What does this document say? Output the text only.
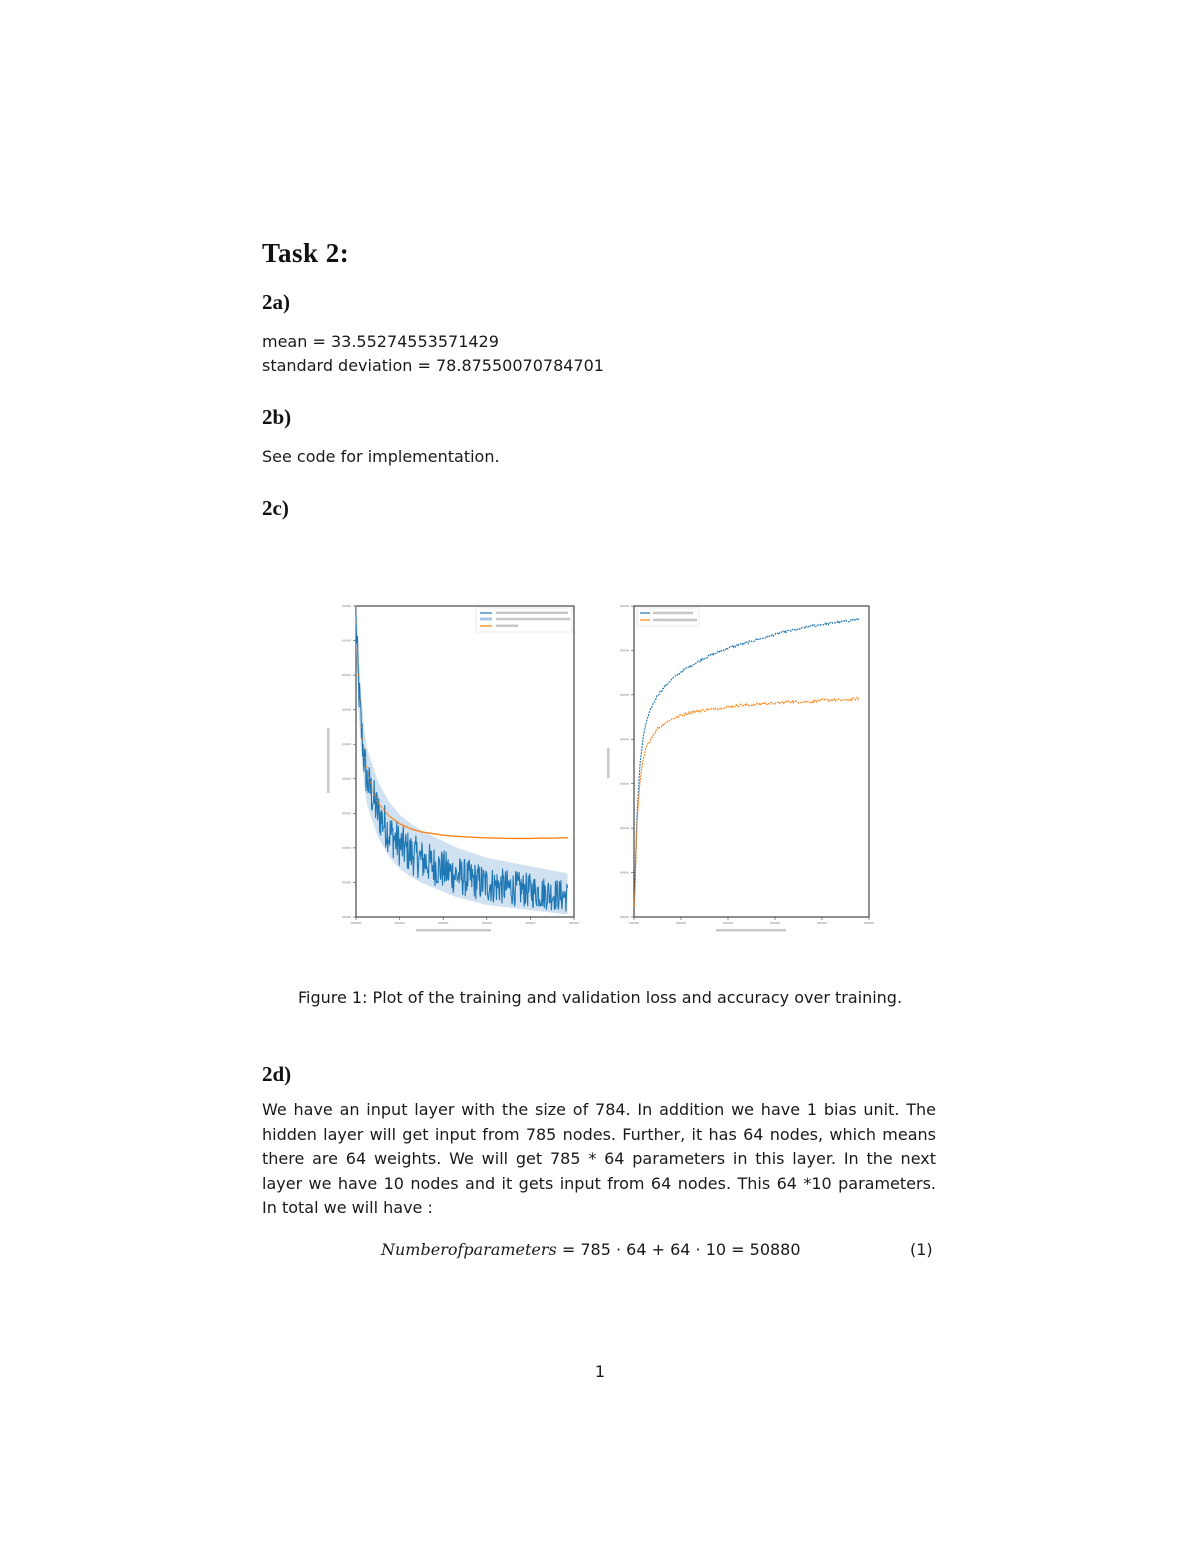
Task 2:
2a)
mean = 33.55274553571429
standard deviation = 78.87550070784701
2b)
See code for implementation.
2c)
Figure 1: Plot of the training and validation loss and accuracy over training.
2d)
We have an input layer with the size of 784. In addition we have 1 bias unit. The hidden layer will get input from 785 nodes. Further, it has 64 nodes, which means there are 64 weights. We will get 785 * 64 parameters in this layer. In the next layer we have 10 nodes and it gets input from 64 nodes. This 64 *10 parameters. In total we will have :
Numberofparameters = 785 · 64 + 64 · 10 = 50880	(1)
1
